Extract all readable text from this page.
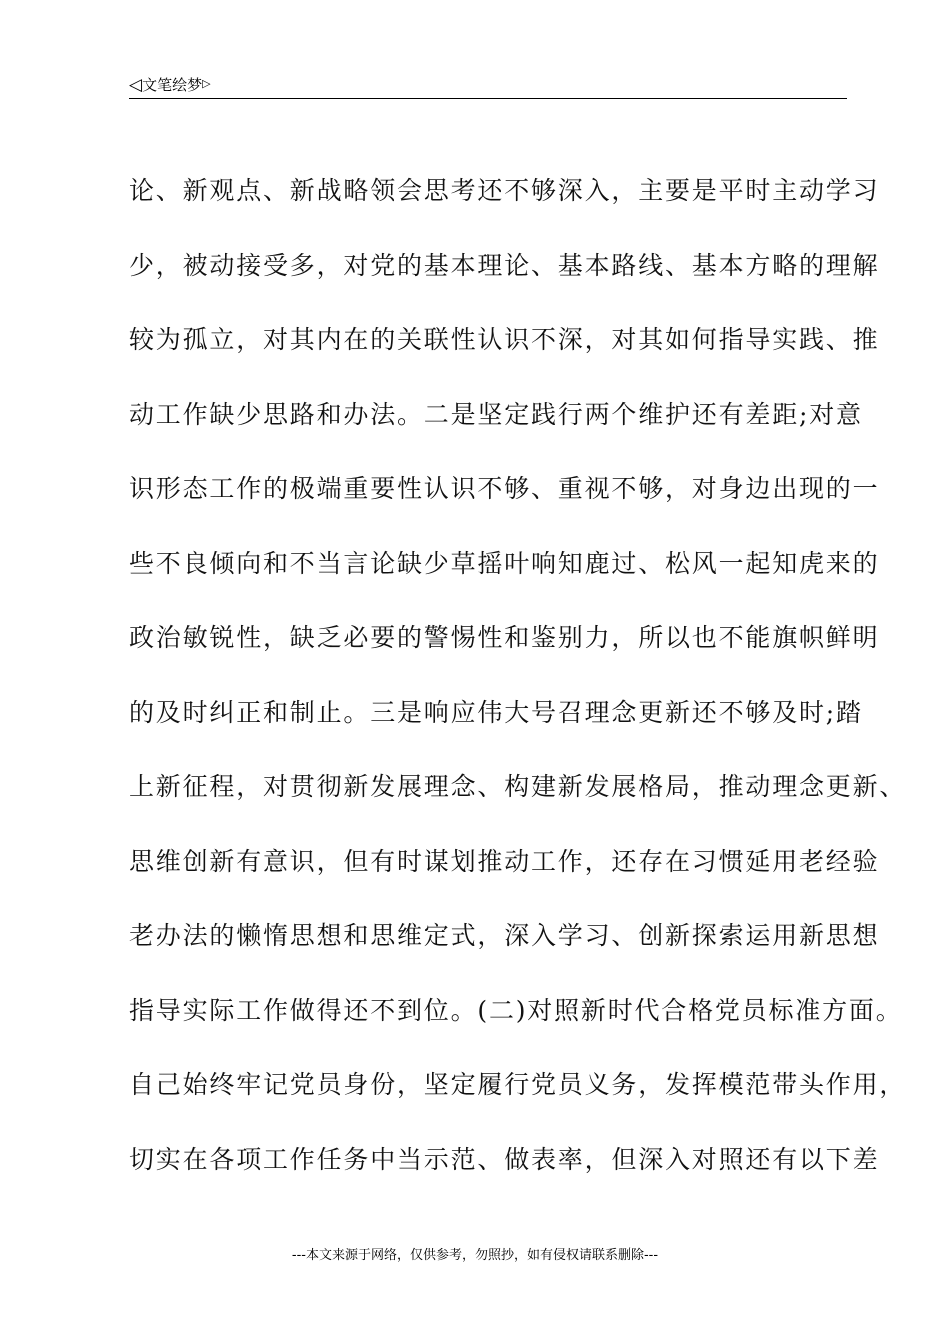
◁文笔绘梦▷
论、新观点、新战略领会思考还不够深入，主要是平时主动学习
少，被动接受多，对党的基本理论、基本路线、基本方略的理解
较为孤立，对其内在的关联性认识不深，对其如何指导实践、推
动工作缺少思路和办法。二是坚定践行两个维护还有差距;对意
识形态工作的极端重要性认识不够、重视不够，对身边出现的一
些不良倾向和不当言论缺少草摇叶响知鹿过、松风一起知虎来的
政治敏锐性，缺乏必要的警惕性和鉴别力，所以也不能旗帜鲜明
的及时纠正和制止。三是响应伟大号召理念更新还不够及时;踏
上新征程，对贯彻新发展理念、构建新发展格局，推动理念更新、
思维创新有意识，但有时谋划推动工作，还存在习惯延用老经验
老办法的懒惰思想和思维定式，深入学习、创新探索运用新思想
指导实际工作做得还不到位。(二)对照新时代合格党员标准方面。
自己始终牢记党员身份，坚定履行党员义务，发挥模范带头作用，
切实在各项工作任务中当示范、做表率，但深入对照还有以下差
---本文来源于网络，仅供参考，勿照抄，如有侵权请联系删除---
